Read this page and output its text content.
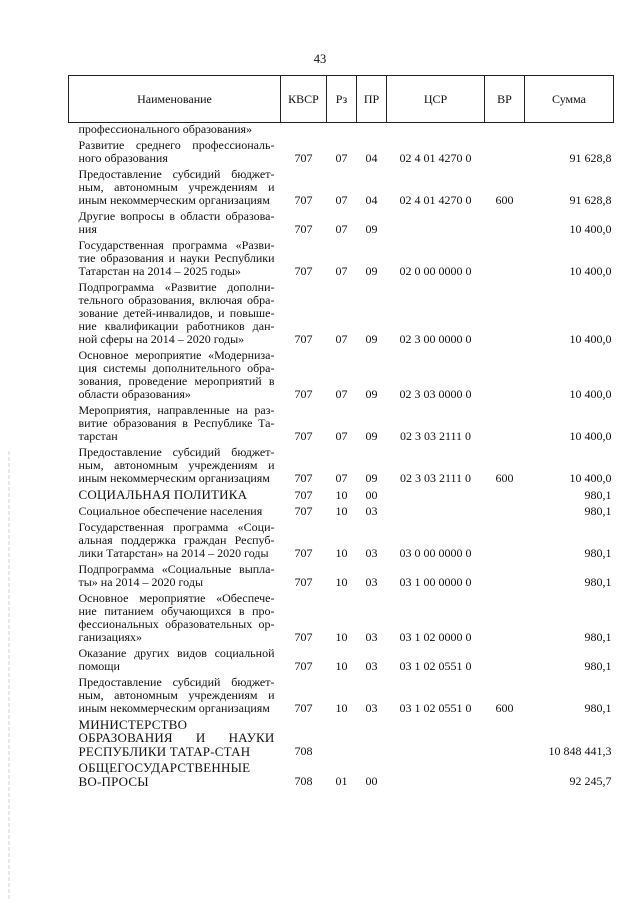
43
Наименование	КВСР	Рз	ПР	ЦСР	ВР	Сумма
профессионального образования»						
Развитие среднего профессиональ-ного образования	707	07	04	02 4 01 4270 0		91 628,8
Предоставление субсидий бюджет-ным, автономным учреждениям и иным некоммерческим организациям	707	07	04	02 4 01 4270 0	600	91 628,8
Другие вопросы в области образова-ния	707	07	09			10 400,0
Государственная программа «Разви-тие образования и науки Республики Татарстан на 2014 – 2025 годы»	707	07	09	02 0 00 0000 0		10 400,0
Подпрограмма «Развитие дополни-тельного образования, включая обра-зование детей-инвалидов, и повыше-ние квалификации работников дан-ной сферы на 2014 – 2020 годы»	707	07	09	02 3 00 0000 0		10 400,0
Основное мероприятие «Модерниза-ция системы дополнительного обра-зования, проведение мероприятий в области образования»	707	07	09	02 3 03 0000 0		10 400,0
Мероприятия, направленные на раз-витие образования в Республике Та-тарстан	707	07	09	02 3 03 2111 0		10 400,0
Предоставление субсидий бюджет-ным, автономным учреждениям и иным некоммерческим организациям	707	07	09	02 3 03 2111 0	600	10 400,0
СОЦИАЛЬНАЯ ПОЛИТИКА	707	10	00			980,1
Социальное обеспечение населения	707	10	03			980,1
Государственная программа «Соци-альная поддержка граждан Респуб-лики Татарстан» на 2014 – 2020 годы	707	10	03	03 0 00 0000 0		980,1
Подпрограмма «Социальные выпла-ты» на 2014 – 2020 годы	707	10	03	03 1 00 0000 0		980,1
Основное мероприятие «Обеспече-ние питанием обучающихся в про-фессиональных образовательных ор-ганизациях»	707	10	03	03 1 02 0000 0		980,1
Оказание других видов социальной помощи	707	10	03	03 1 02 0551 0		980,1
Предоставление субсидий бюджет-ным, автономным учреждениям и иным некоммерческим организациям	707	10	03	03 1 02 0551 0	600	980,1
МИНИСТЕРСТВО ОБРАЗОВАНИЯ И НАУКИ РЕСПУБЛИКИ ТАТАР-СТАН	708					10 848 441,3
ОБЩЕГОСУДАРСТВЕННЫЕ ВО-ПРОСЫ	708	01	00			92 245,7
